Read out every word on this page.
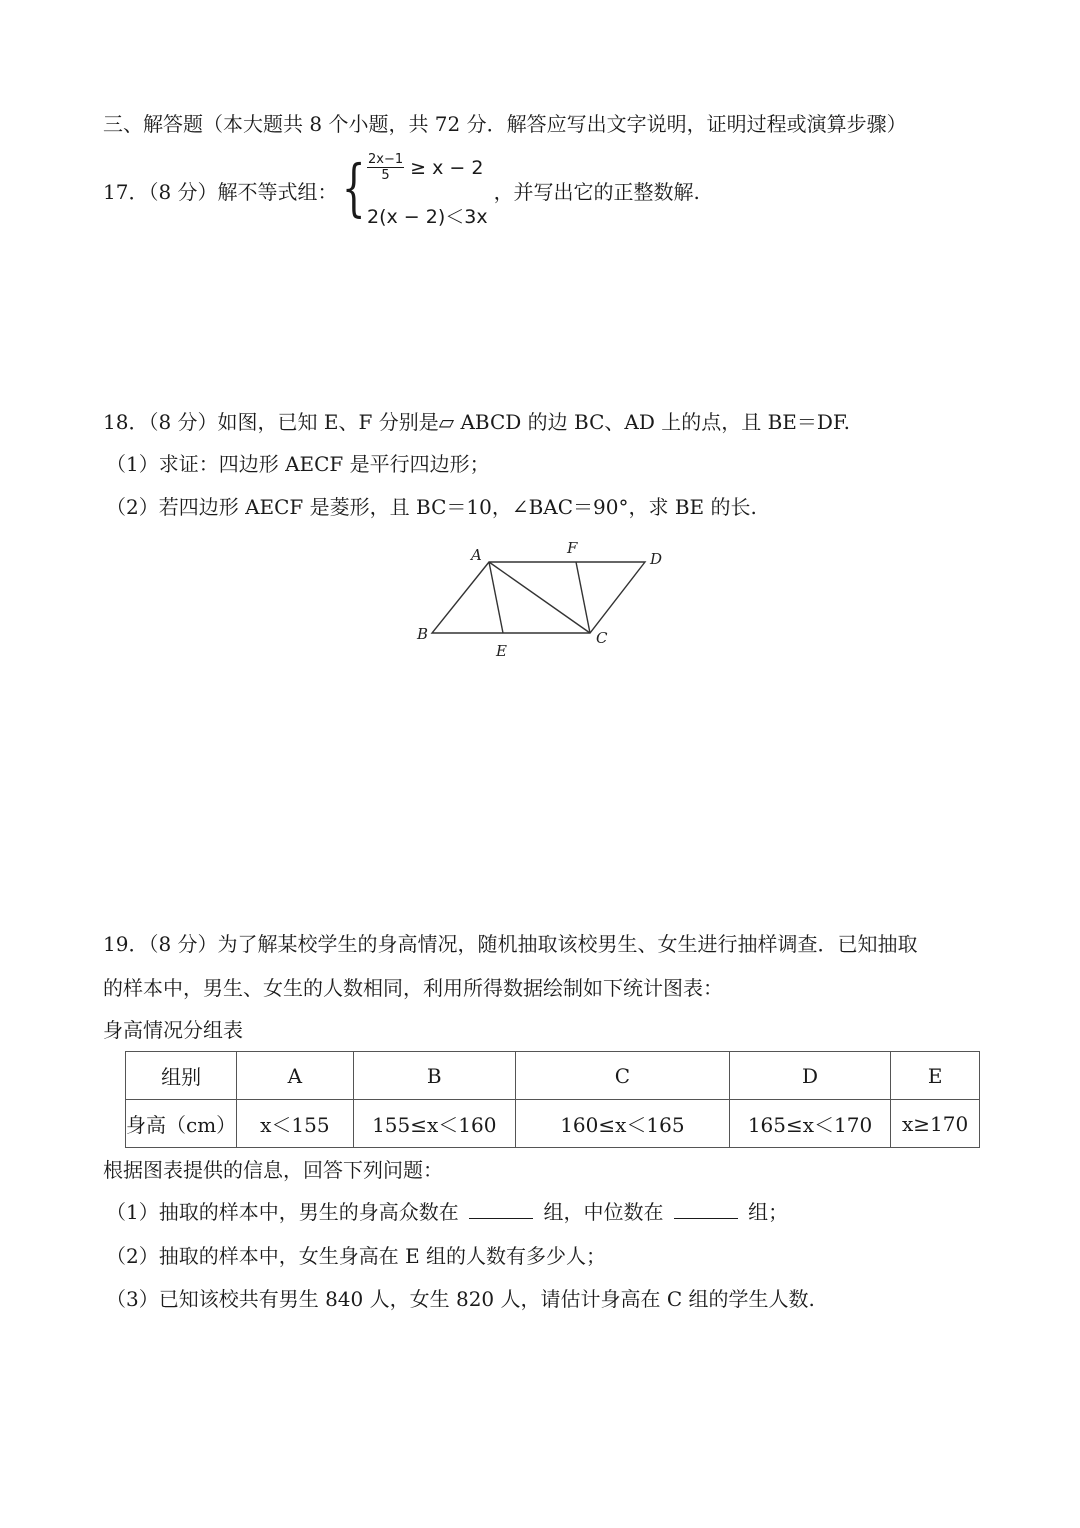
三、解答题（本大题共 8 个小题，共 72 分．解答应写出文字说明，证明过程或演算步骤）
17．（8 分）解不等式组： { $\frac{2x-1}{5} \ge x - 2$
2(x − 2)＜3x
，并写出它的正整数解.
18．（8 分）如图，已知 E、F 分别是▱ ABCD 的边 BC、AD 上的点，且 BE＝DF.
（1）求证：四边形 AECF 是平行四边形；
（2）若四边形 AECF 是菱形，且 BC＝10，∠BAC＝90°，求 BE 的长.
A	F
D
B
E
C
19．（8 分）为了解某校学生的身高情况，随机抽取该校男生、女生进行抽样调查．已知抽取
的样本中，男生、女生的人数相同，利用所得数据绘制如下统计图表：
身高情况分组表
组别	A	B	C	D	E
身高（cm）	x＜155	155≤x＜160	160≤x＜165	165≤x＜170	x≥170
根据图表提供的信息，回答下列问题：
（1）抽取的样本中，男生的身高众数在	组，中位数在	组；
（2）抽取的样本中，女生身高在 E 组的人数有多少人；
（3）已知该校共有男生 840 人，女生 820 人，请估计身高在 C 组的学生人数.
